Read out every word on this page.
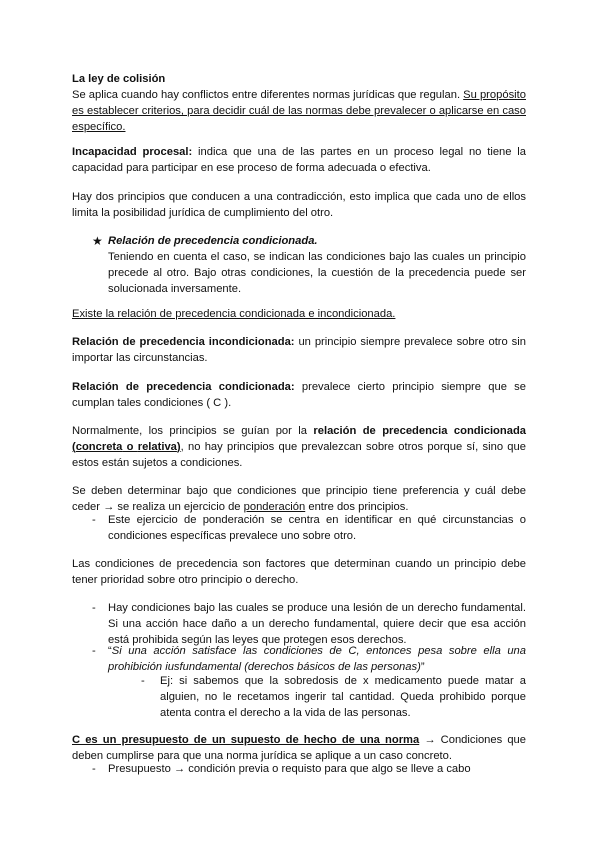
La ley de colisión

Se aplica cuando hay conflictos entre diferentes normas jurídicas que regulan. Su propósito es establecer criterios, para decidir cuál de las normas debe prevalecer o aplicarse en caso específico.

Incapacidad procesal: indica que una de las partes en un proceso legal no tiene la capacidad para participar en ese proceso de forma adecuada o efectiva.

Hay dos principios que conducen a una contradicción, esto implica que cada uno de ellos limita la posibilidad jurídica de cumplimiento del otro.

★ Relación de precedencia condicionada.

Teniendo en cuenta el caso, se indican las condiciones bajo las cuales un principio precede al otro. Bajo otras condiciones, la cuestión de la precedencia puede ser solucionada inversamente.

Existe la relación de precedencia condicionada e incondicionada.

Relación de precedencia incondicionada: un principio siempre prevalece sobre otro sin importar las circunstancias.

Relación de precedencia condicionada: prevalece cierto principio siempre que se cumplan tales condiciones ( C ).

Normalmente, los principios se guían por la relación de precedencia condicionada (concreta o relativa), no hay principios que prevalezcan sobre otros porque sí, sino que estos están sujetos a condiciones.

Se deben determinar bajo que condiciones que principio tiene preferencia y cuál debe ceder → se realiza un ejercicio de ponderación entre dos principios.

- Este ejercicio de ponderación se centra en identificar en qué circunstancias o condiciones específicas prevalece uno sobre otro.

Las condiciones de precedencia son factores que determinan cuando un principio debe tener prioridad sobre otro principio o derecho.

- Hay condiciones bajo las cuales se produce una lesión de un derecho fundamental. Si una acción hace daño a un derecho fundamental, quiere decir que esa acción está prohibida según las leyes que protegen esos derechos.

- “Si una acción satisface las condiciones de C, entonces pesa sobre ella una prohibición iusfundamental (derechos básicos de las personas)”

- Ej: si sabemos que la sobredosis de x medicamento puede matar a alguien, no le recetamos ingerir tal cantidad. Queda prohibido porque atenta contra el derecho a la vida de las personas.

C es un presupuesto de un supuesto de hecho de una norma → Condiciones que deben cumplirse para que una norma jurídica se aplique a un caso concreto.

- Presupuesto → condición previa o requisto para que algo se lleve a cabo
